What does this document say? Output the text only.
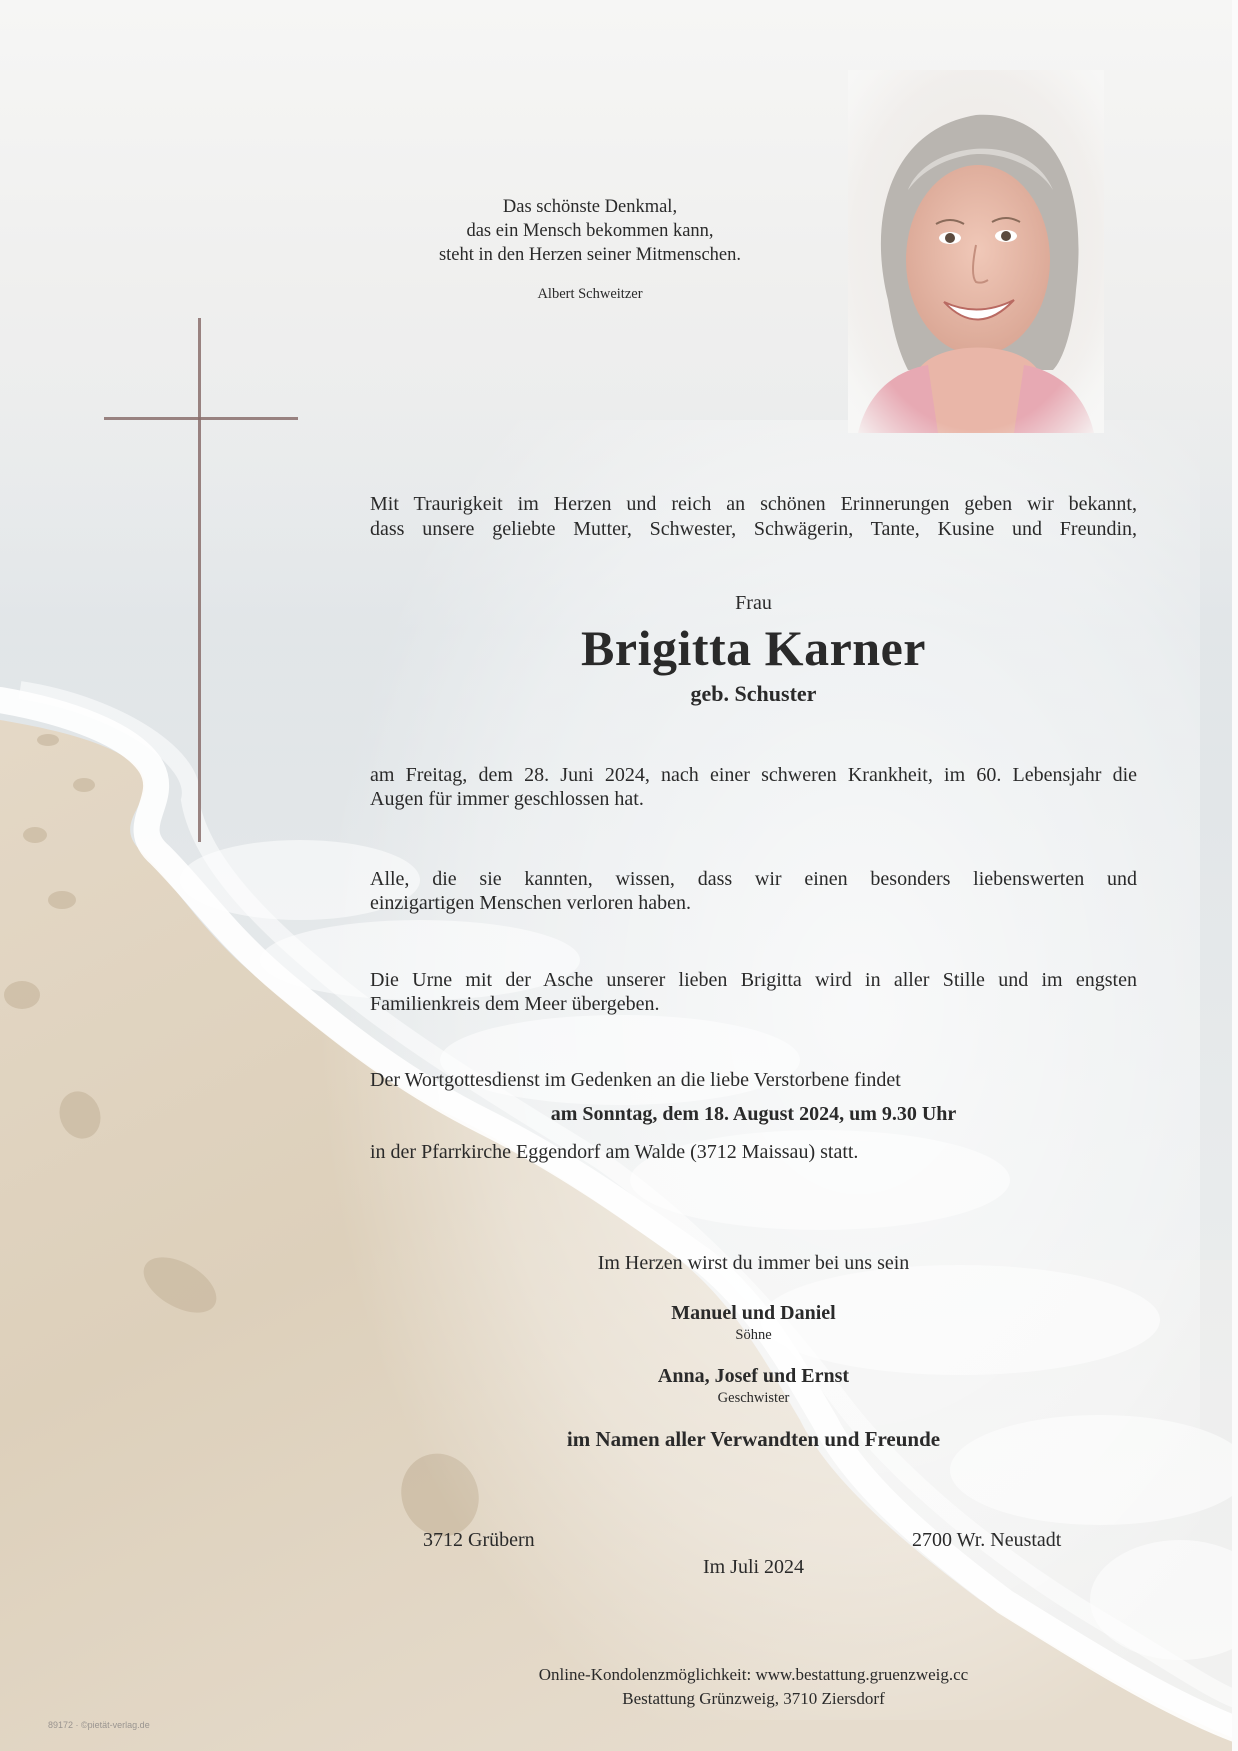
Das schönste Denkmal,
das ein Mensch bekommen kann,
steht in den Herzen seiner Mitmenschen.
Albert Schweitzer
Mit Traurigkeit im Herzen und reich an schönen Erinnerungen geben wir bekannt,
dass unsere geliebte Mutter, Schwester, Schwägerin, Tante, Kusine und Freundin,
Frau
Brigitta Karner
geb. Schuster
am Freitag, dem 28. Juni 2024, nach einer schweren Krankheit, im 60. Lebensjahr die
Augen für immer geschlossen hat.
Alle, die sie kannten, wissen, dass wir einen besonders liebenswerten und
einzigartigen Menschen verloren haben.
Die Urne mit der Asche unserer lieben Brigitta wird in aller Stille und im engsten
Familienkreis dem Meer übergeben.
Der Wortgottesdienst im Gedenken an die liebe Verstorbene findet
am Sonntag, dem 18. August 2024, um 9.30 Uhr
in der Pfarrkirche Eggendorf am Walde (3712 Maissau) statt.
Im Herzen wirst du immer bei uns sein
Manuel und Daniel
Söhne
Anna, Josef und Ernst
Geschwister
im Namen aller Verwandten und Freunde
3712 Grübern	2700 Wr. Neustadt
Im Juli 2024
Online-Kondolenzmöglichkeit: www.bestattung.gruenzweig.cc
Bestattung Grünzweig, 3710 Ziersdorf
89172 · ©pietät-verlag.de
